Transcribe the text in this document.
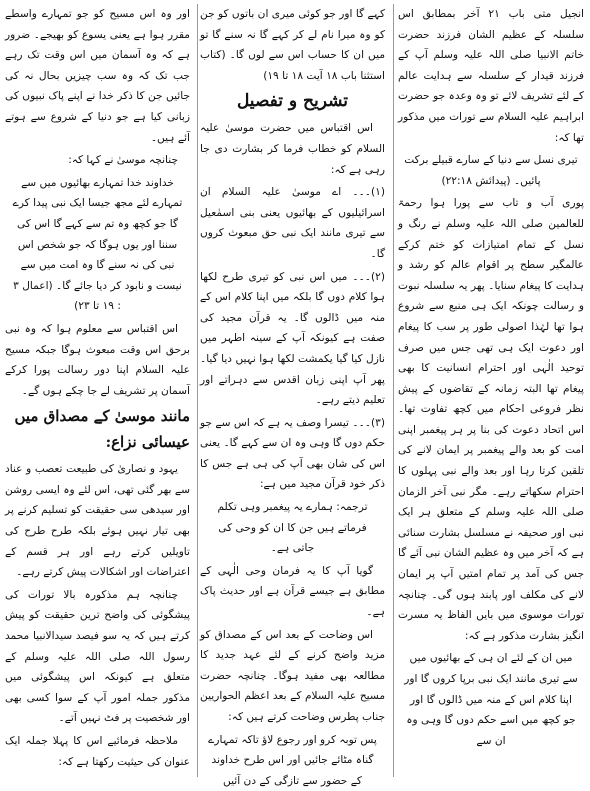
انجیل متی باب ۲۱ آخر بمطابق اس سلسلہ کے عظیم الشان فرزند حضرت خاتم الانبیا صلی اللہ علیہ وسلم آپ کے فرزند قیدار کے سلسلہ سے ہدایت عالم کے لئے تشریف لائے تو وہ وعدہ جو حضرت ابراہیم علیہ السلام سے تورات میں مذکور تھا کہ:

تیری نسل سے دنیا کے سارے قبیلے برکت پائیں۔ (پیدائش ۲۲:۱۸)

پوری آب و تاب سے پورا ہوا رحمۃ للعالمین صلی اللہ علیہ وسلم نے رنگ و نسل کے تمام امتیازات کو ختم کرکے عالمگیر سطح پر اقوام عالم کو رشد و ہدایت کا پیغام سنایا۔ پھر یہ سلسلہ نبوت و رسالت چونکہ ایک ہی منبع سے شروع ہوا تھا لہٰذا اصولی طور پر سب کا پیغام اور دعوت ایک ہی تھی جس میں صرف توحید الٰہی اور احترام انسانیت کا بھی پیغام تھا البتہ زمانہ کے تقاضوں کے پیش نظر فروعی احکام میں کچھ تفاوت تھا۔ اس اتحاد دعوت کی بنا پر ہر پیغمبر اپنی امت کو بعد والے پیغمبر پر ایمان لانے کی تلقین کرتا رہا اور بعد والے نبی پہلوں کا احترام سکھاتے رہے۔ مگر نبی آخر الزمان صلی اللہ علیہ وسلم کے متعلق ہر ایک نبی اور صحیفہ نے مسلسل بشارت سنائی ہے کہ آخر میں وہ عظیم الشان نبی آئے گا جس کی آمد پر تمام امتیں آپ پر ایمان لانے کی مکلف اور پابند ہوں گی۔ چنانچہ تورات موسوی میں بایں الفاظ یہ مسرت انگیز بشارت مذکور ہے کہ:

میں ان کے لئے ان ہی کے بھائیوں میں سے تیری مانند ایک نبی برپا کروں گا اور اپنا کلام اس کے منہ میں ڈالوں گا اور جو کچھ میں اسے حکم دوں گا وہی وہ ان سے

کہے گا اور جو کوئی میری ان باتوں کو جن کو وہ میرا نام لے کر کہے گا نہ سنے گا تو میں ان کا حساب اس سے لوں گا۔ (کتاب استثنا باب ۱۸ آیت ۱۸ تا ۱۹)

تشریح و تفصیل

اس اقتباس میں حضرت موسیٰ علیہ السلام کو خطاب فرما کر بشارت دی جا رہی ہے کہ:

(۱)۔۔۔ اے موسیٰ علیہ السلام ان اسرائیلیوں کے بھائیوں یعنی بنی اسمٰعیل سے تیری مانند ایک نبی حق مبعوث کروں گا۔

(۲)۔۔۔ میں اس نبی کو تیری طرح لکھا ہوا کلام دوں گا بلکہ میں اپنا کلام اس کے منہ میں ڈالوں گا۔ یہ قرآن مجید کی صفت ہے کیونکہ آپ کے سینہ اطہر میں نازل کیا گیا یکمشت لکھا ہوا نہیں دیا گیا۔ پھر آپ اپنی زبان اقدس سے دہراتے اور تعلیم دیتے رہے۔

(۳)۔۔۔ تیسرا وصف یہ ہے کہ اس سے جو حکم دوں گا وہی وہ ان سے کہے گا۔ یعنی اس کی شان بھی آپ کی ہی ہے جس کا ذکر خود قرآن مجید میں ہے:

ترجمہ: ہمارے یہ پیغمبر وہی تکلم فرماتے ہیں جن کا ان کو وحی کی جاتی ہے۔

گویا آپ کا یہ فرمان وحی الٰہی کے مطابق ہے جیسے قرآن ہے اور حدیث پاک ہے۔

اس وضاحت کے بعد اس کے مصداق کو مزید واضح کرنے کے لئے عہد جدید کا مطالعہ بھی مفید ہوگا۔ چنانچہ حضرت مسیح علیہ السلام کے بعد اعظم الحواریین جناب پطرس وضاحت کرتے ہیں کہ:

پس توبہ کرو اور رجوع لاؤ تاکہ تمہارے گناہ مٹائے جائیں اور اس طرح خداوند کے حضور سے تازگی کے دن آئیں

اور وہ اس مسیح کو جو تمہارے واسطے مقرر ہوا ہے یعنی یسوع کو بھیجے۔ ضرور ہے کہ وہ آسمان میں اس وقت تک رہے جب تک کہ وہ سب چیزیں بحال نہ کی جائیں جن کا ذکر خدا نے اپنے پاک نبیوں کی زبانی کیا ہے جو دنیا کے شروع سے ہوتے آئے ہیں۔

چنانچہ موسیٰ نے کہا کہ:

خداوند خدا تمہارے بھائیوں میں سے تمہارے لئے مجھ جیسا ایک نبی پیدا کرے گا جو کچھ وہ تم سے کہے گا اس کی سننا اور یوں ہوگا کہ جو شخص اس نبی کی نہ سنے گا وہ امت میں سے نیست و نابود کر دیا جائے گا۔ (اعمال ۳ : ۱۹ تا ۲۳)

اس اقتباس سے معلوم ہوا کہ وہ نبی برحق اس وقت مبعوث ہوگا جبکہ مسیح علیہ السلام اپنا دور رسالت پورا کرکے آسمان پر تشریف لے جا چکے ہوں گے۔

مانند موسیٰ کے مصداق میں عیسائی نزاع:

یہود و نصاریٰ کی طبیعت تعصب و عناد سے بھر گئی تھی، اس لئے وہ ایسی روشن اور سیدھی سی حقیقت کو تسلیم کرنے پر بھی تیار نہیں ہوئے بلکہ طرح طرح کی تاویلیں کرتے رہے اور ہر قسم کے اعتراضات اور اشکالات پیش کرتے رہے۔

چنانچہ ہم مذکورہ بالا تورات کی پیشگوئی کی واضح ترین حقیقت کو پیش کرتے ہیں کہ یہ سو فیصد سیدالانبیا محمد رسول اللہ صلی اللہ علیہ وسلم کے متعلق ہے کیونکہ اس پیشگوئی میں مذکور جملہ امور آپ کے سوا کسی بھی اور شخصیت پر فٹ نہیں آتے۔

ملاحظہ فرمائیے اس کا پہلا جملہ ایک عنوان کی حیثیت رکھتا ہے کہ:
